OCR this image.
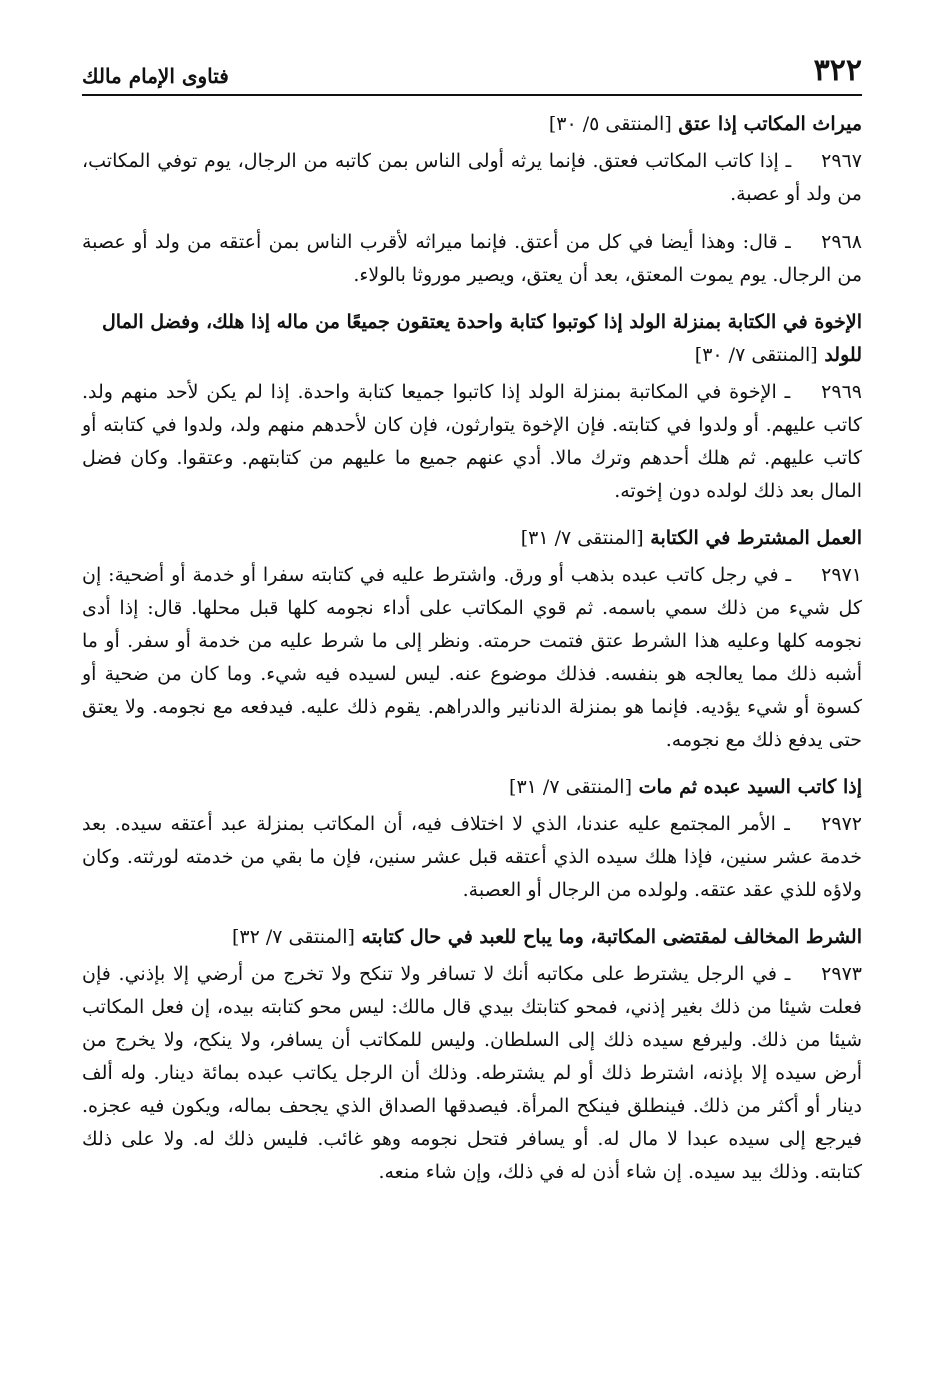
٣٢٢
فتاوى الإمام مالك

ميراث المكاتب إذا عتق [المنتقى ٥/ ٣٠]

٢٩٦٧ ـ إذا كاتب المكاتب فعتق. فإنما يرثه أولى الناس بمن كاتبه من الرجال، يوم توفي المكاتب، من ولد أو عصبة.

٢٩٦٨ ـ قال: وهذا أيضا في كل من أعتق. فإنما ميراثه لأقرب الناس بمن أعتقه من ولد أو عصبة من الرجال. يوم يموت المعتق، بعد أن يعتق، ويصير موروثا بالولاء.

الإخوة في الكتابة بمنزلة الولد إذا كوتبوا كتابة واحدة يعتقون جميعًا من ماله إذا هلك، وفضل المال للولد [المنتقى ٧/ ٣٠]

٢٩٦٩ ـ الإخوة في المكاتبة بمنزلة الولد إذا كاتبوا جميعا كتابة واحدة. إذا لم يكن لأحد منهم ولد. كاتب عليهم. أو ولدوا في كتابته. فإن الإخوة يتوارثون، فإن كان لأحدهم منهم ولد، ولدوا في كتابته أو كاتب عليهم. ثم هلك أحدهم وترك مالا. أدي عنهم جميع ما عليهم من كتابتهم. وعتقوا. وكان فضل المال بعد ذلك لولده دون إخوته.

العمل المشترط في الكتابة [المنتقى ٧/ ٣١]

٢٩٧١ ـ في رجل كاتب عبده بذهب أو ورق. واشترط عليه في كتابته سفرا أو خدمة أو أضحية: إن كل شيء من ذلك سمي باسمه. ثم قوي المكاتب على أداء نجومه كلها قبل محلها. قال: إذا أدى نجومه كلها وعليه هذا الشرط عتق فتمت حرمته. ونظر إلى ما شرط عليه من خدمة أو سفر. أو ما أشبه ذلك مما يعالجه هو بنفسه. فذلك موضوع عنه. ليس لسيده فيه شيء. وما كان من ضحية أو كسوة أو شيء يؤديه. فإنما هو بمنزلة الدنانير والدراهم. يقوم ذلك عليه. فيدفعه مع نجومه. ولا يعتق حتى يدفع ذلك مع نجومه.

إذا كاتب السيد عبده ثم مات [المنتقى ٧/ ٣١]

٢٩٧٢ ـ الأمر المجتمع عليه عندنا، الذي لا اختلاف فيه، أن المكاتب بمنزلة عبد أعتقه سيده. بعد خدمة عشر سنين، فإذا هلك سيده الذي أعتقه قبل عشر سنين، فإن ما بقي من خدمته لورثته. وكان ولاؤه للذي عقد عتقه. ولولده من الرجال أو العصبة.

الشرط المخالف لمقتضى المكاتبة، وما يباح للعبد في حال كتابته [المنتقى ٧/ ٣٢]

٢٩٧٣ ـ في الرجل يشترط على مكاتبه أنك لا تسافر ولا تنكح ولا تخرج من أرضي إلا بإذني. فإن فعلت شيئا من ذلك بغير إذني، فمحو كتابتك بيدي قال مالك: ليس محو كتابته بيده، إن فعل المكاتب شيئا من ذلك. وليرفع سيده ذلك إلى السلطان. وليس للمكاتب أن يسافر، ولا ينكح، ولا يخرج من أرض سيده إلا بإذنه، اشترط ذلك أو لم يشترطه. وذلك أن الرجل يكاتب عبده بمائة دينار. وله ألف دينار أو أكثر من ذلك. فينطلق فينكح المرأة. فيصدقها الصداق الذي يجحف بماله، ويكون فيه عجزه. فيرجع إلى سيده عبدا لا مال له. أو يسافر فتحل نجومه وهو غائب. فليس ذلك له. ولا على ذلك كتابته. وذلك بيد سيده. إن شاء أذن له في ذلك، وإن شاء منعه.
